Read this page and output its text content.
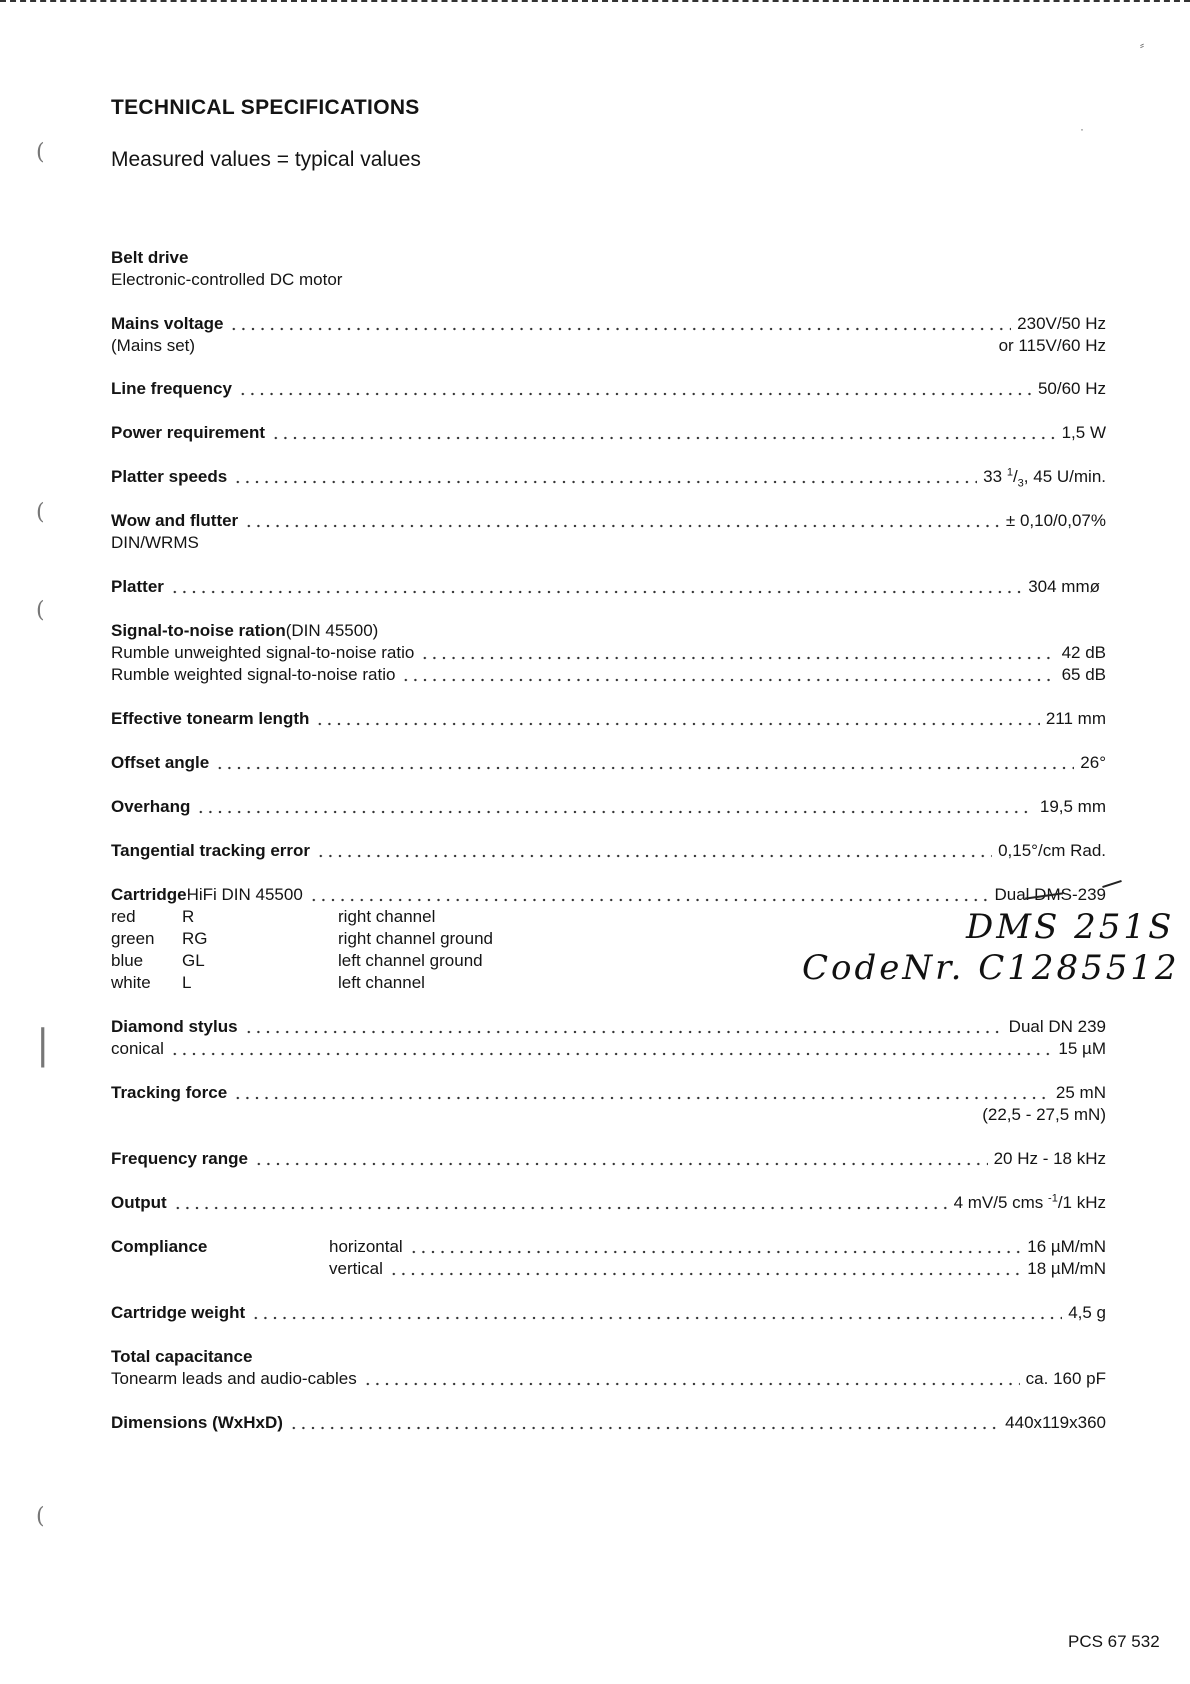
TECHNICAL SPECIFICATIONS
Measured values = typical values
Belt drive
Electronic-controlled DC motor
Mains voltage	230V/50 Hz
(Mains set)	or 115V/60 Hz
Line frequency	50/60 Hz
Power requirement	1,5 W
Platter speeds	33 $^1/_3$, 45 U/min.
Wow and flutter	± 0,10/0,07%
DIN/WRMS
Platter	304 mmø
Signal-to-noise ration (DIN 45500)
Rumble unweighted signal-to-noise ratio	42 dB
Rumble weighted signal-to-noise ratio	65 dB
Effective tonearm length	211 mm
Offset angle	26°
Overhang	19,5 mm
Tangential tracking error	0,15°/cm Rad.
Cartridge HiFi DIN 45500	Dual DMS-239
red	R	right channel
green RG	right channel ground
blue GL	left channel ground
white L	left channel
DMS 251S
CodeNr. C1285512
Diamond stylus	Dual DN 239
conical	15 µM
Tracking force	25 mN
(22,5 - 27,5 mN)
Frequency range	20 Hz - 18 kHz
Output	4 mV/5 cms $^{-1}$/1 kHz
Compliance	horizontal	16 µM/mN
vertical	18 µM/mN
Cartridge weight	4,5 g
Total capacitance
Tonearm leads and audio-cables	ca. 160 pF
Dimensions (WxHxD)	440x119x360
(
(
(
|
(
⸗
·
PCS 67 532
